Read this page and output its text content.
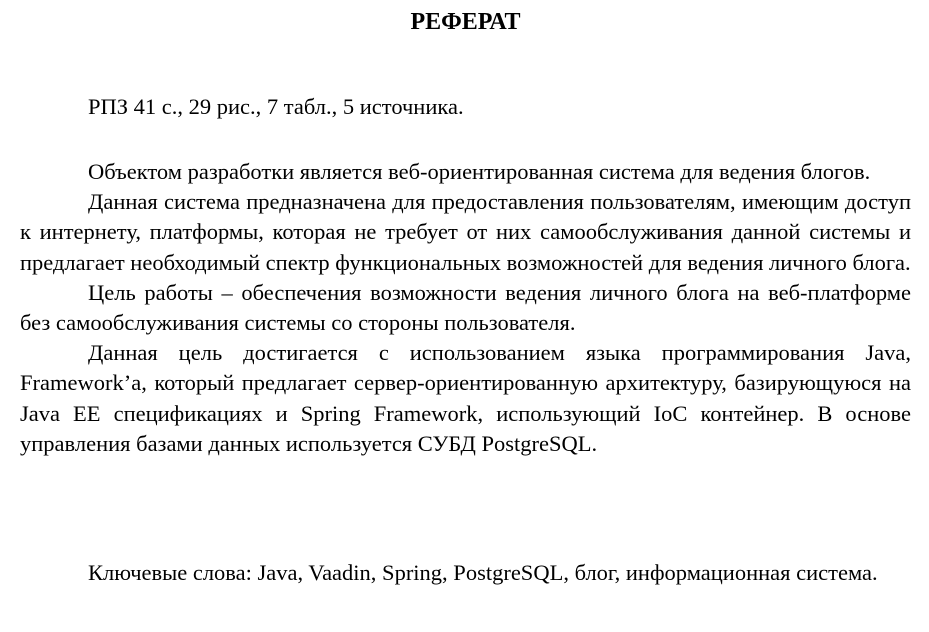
РЕФЕРАТ
РПЗ 41 с., 29 рис., 7 табл., 5 источника.

Объектом разработки является веб-ориентированная система для ведения блогов.

Данная система предназначена для предоставления пользователям, имеющим доступ к интернету, платформы, которая не требует от них самообслуживания данной системы и предлагает необходимый спектр функциональных возможностей для ведения личного блога.

Цель работы – обеспечения возможности ведения личного блога на веб-платформе без самообслуживания системы со стороны пользователя.

Данная цель достигается с использованием языка программирования Java, Framework’а, который предлагает сервер-ориентированную архитектуру, базирующуюся на Java EE спецификациях и Spring Framework, использующий IoC контейнер. В основе управления базами данных используется СУБД PostgreSQL.

Ключевые слова: Java, Vaadin, Spring, PostgreSQL, блог, информационная система.
